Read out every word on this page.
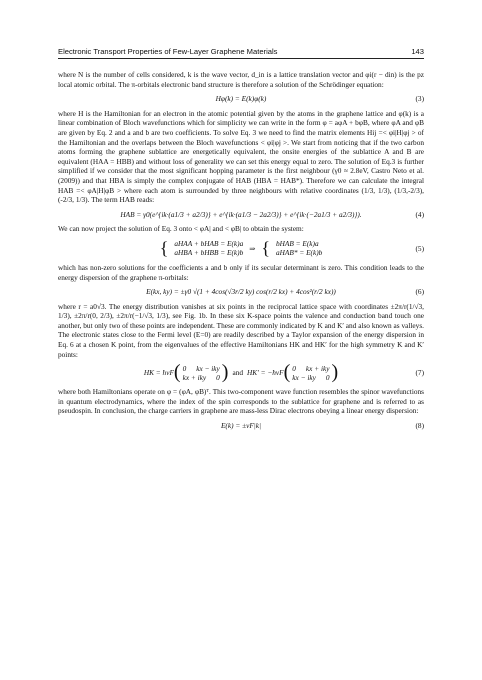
Electronic Transport Properties of Few-Layer Graphene Materials	143

where N is the number of cells considered, k is the wave vector, d_in is a lattice translation vector and φi(r − din) is the pz local atomic orbital. The π-orbitals electronic band structure is therefore a solution of the Schrödinger equation:

Hφ(k) = E(k)φ(k)	(3)

where H is the Hamiltonian for an electron in the atomic potential given by the atoms in the graphene lattice and φ(k) is a linear combination of Bloch wavefunctions which for simplicity we can write in the form φ = aφA + bφB, where φA and φB are given by Eq. 2 and a and b are two coefficients. To solve Eq. 3 we need to find the matrix elements Hij =< φi|H|φj > of the Hamiltonian and the overlaps between the Bloch wavefunctions < φi|φj >. We start from noticing that if the two carbon atoms forming the graphene sublattice are energetically equivalent, the onsite energies of the sublattice A and B are equivalent (HAA = HBB) and without loss of generality we can set this energy equal to zero. The solution of Eq.3 is further simplified if we consider that the most significant hopping parameter is the first neighbour (γ0 ≈ 2.8eV, Castro Neto et al. (2009)) and that HBA is simply the complex conjugate of HAB (HBA = HAB*). Therefore we can calculate the integral HAB =< φA|H|φB > where each atom is surrounded by three neighbours with relative coordinates (1/3, 1/3), (1/3,-2/3), (-2/3, 1/3). The term HAB reads:

HAB = γ0(e^{ik·(a1/3 + a2/3)} + e^{ik·(a1/3 − 2a2/3)} + e^{ik·(−2a1/3 + a2/3)}).	(4)

We can now project the solution of Eq. 3 onto < φA| and < φB| to obtain the system:

{ aHAA + bHAB = E(k)a
aHBA + bHBB = E(k)b
⇒ { bHAB = E(k)a
aHAB* = E(k)b
(5)

which has non-zero solutions for the coefficients a and b only if its secular determinant is zero. This condition leads to the energy dispersion of the graphene π-orbitals:

E(kx, ky) = ±γ0 √(1 + 4cos(√3r/2 ky) cos(r/2 kx) + 4cos²(r/2 kx))	(6)

where r = a0√3. The energy distribution vanishes at six points in the reciprocal lattice space with coordinates ±2π/r(1/√3, 1/3), ±2π/r(0, 2/3), ±2π/r(−1/√3, 1/3), see Fig. 1b. In these six K-space points the valence and conduction band touch one another, but only two of these points are independent. These are commonly indicated by K and K′ and also known as valleys. The electronic states close to the Fermi level (E=0) are readily described by a Taylor expansion of the energy dispersion in Eq. 6 at a chosen K point, from the eigenvalues of the effective Hamiltonians HK and HK′ for the high symmetry K and K′ points:

HK = ħvF ( 0 kx − iky
kx + iky 0 ) and HK′ = −ħvF ( 0 kx + iky
kx − iky 0 )	(7)

where both Hamiltonians operate on φ = (φA, φB)ᵀ. This two-component wave function resembles the spinor wavefunctions in quantum electrodynamics, where the index of the spin corresponds to the sublattice for graphene and is referred to as pseudospin. In conclusion, the charge carriers in graphene are mass-less Dirac electrons obeying a linear energy dispersion:

E(k) = ±vF|k|	(8)
